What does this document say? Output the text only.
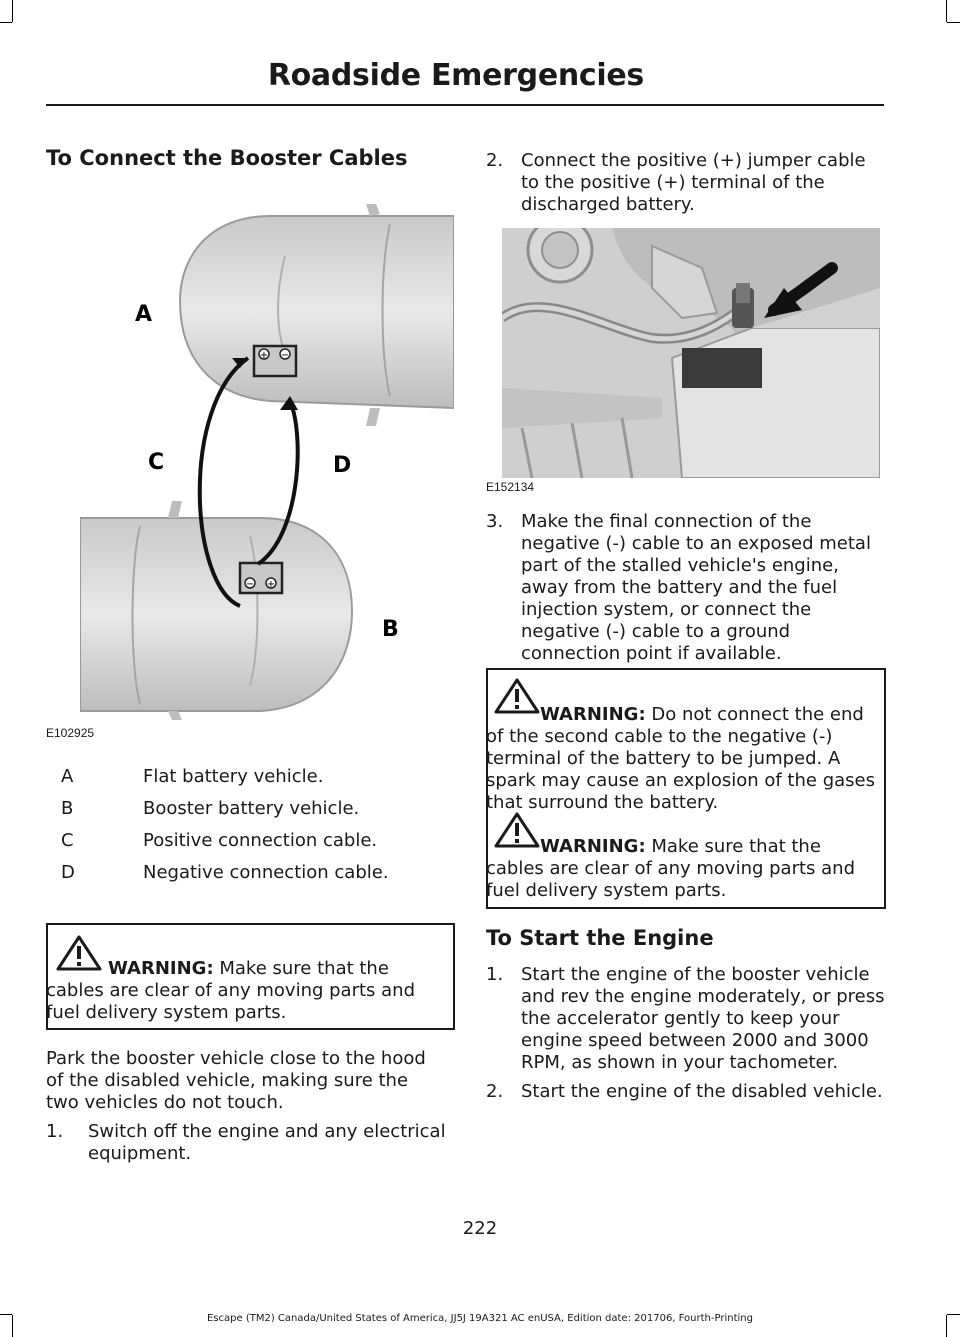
Roadside Emergencies
To Connect the Booster Cables
+ −
− +
A
C	D
B
E102925
A	Flat battery vehicle.
B	Booster battery vehicle.
C	Positive connection cable.
D	Negative connection cable.
WARNING: Make sure that the
cables are clear of any moving parts and
fuel delivery system parts.
Park the booster vehicle close to the hood
of the disabled vehicle, making sure the
two vehicles do not touch.
1. Switch off the engine and any electrical
equipment.
2. Connect the positive (+) jumper cable
to the positive (+) terminal of the
discharged battery.
E152134
3. Make the final connection of the
negative (-) cable to an exposed metal
part of the stalled vehicle's engine,
away from the battery and the fuel
injection system, or connect the
negative (-) cable to a ground
connection point if available.
WARNING: Do not connect the end
of the second cable to the negative (-)
terminal of the battery to be jumped. A
spark may cause an explosion of the gases
that surround the battery.
WARNING: Make sure that the
cables are clear of any moving parts and
fuel delivery system parts.
To Start the Engine
1. Start the engine of the booster vehicle
and rev the engine moderately, or press
the accelerator gently to keep your
engine speed between 2000 and 3000
RPM, as shown in your tachometer.
2. Start the engine of the disabled vehicle.
222
Escape (TM2) Canada/United States of America, JJ5J 19A321 AC enUSA, Edition date: 201706, Fourth-Printing
